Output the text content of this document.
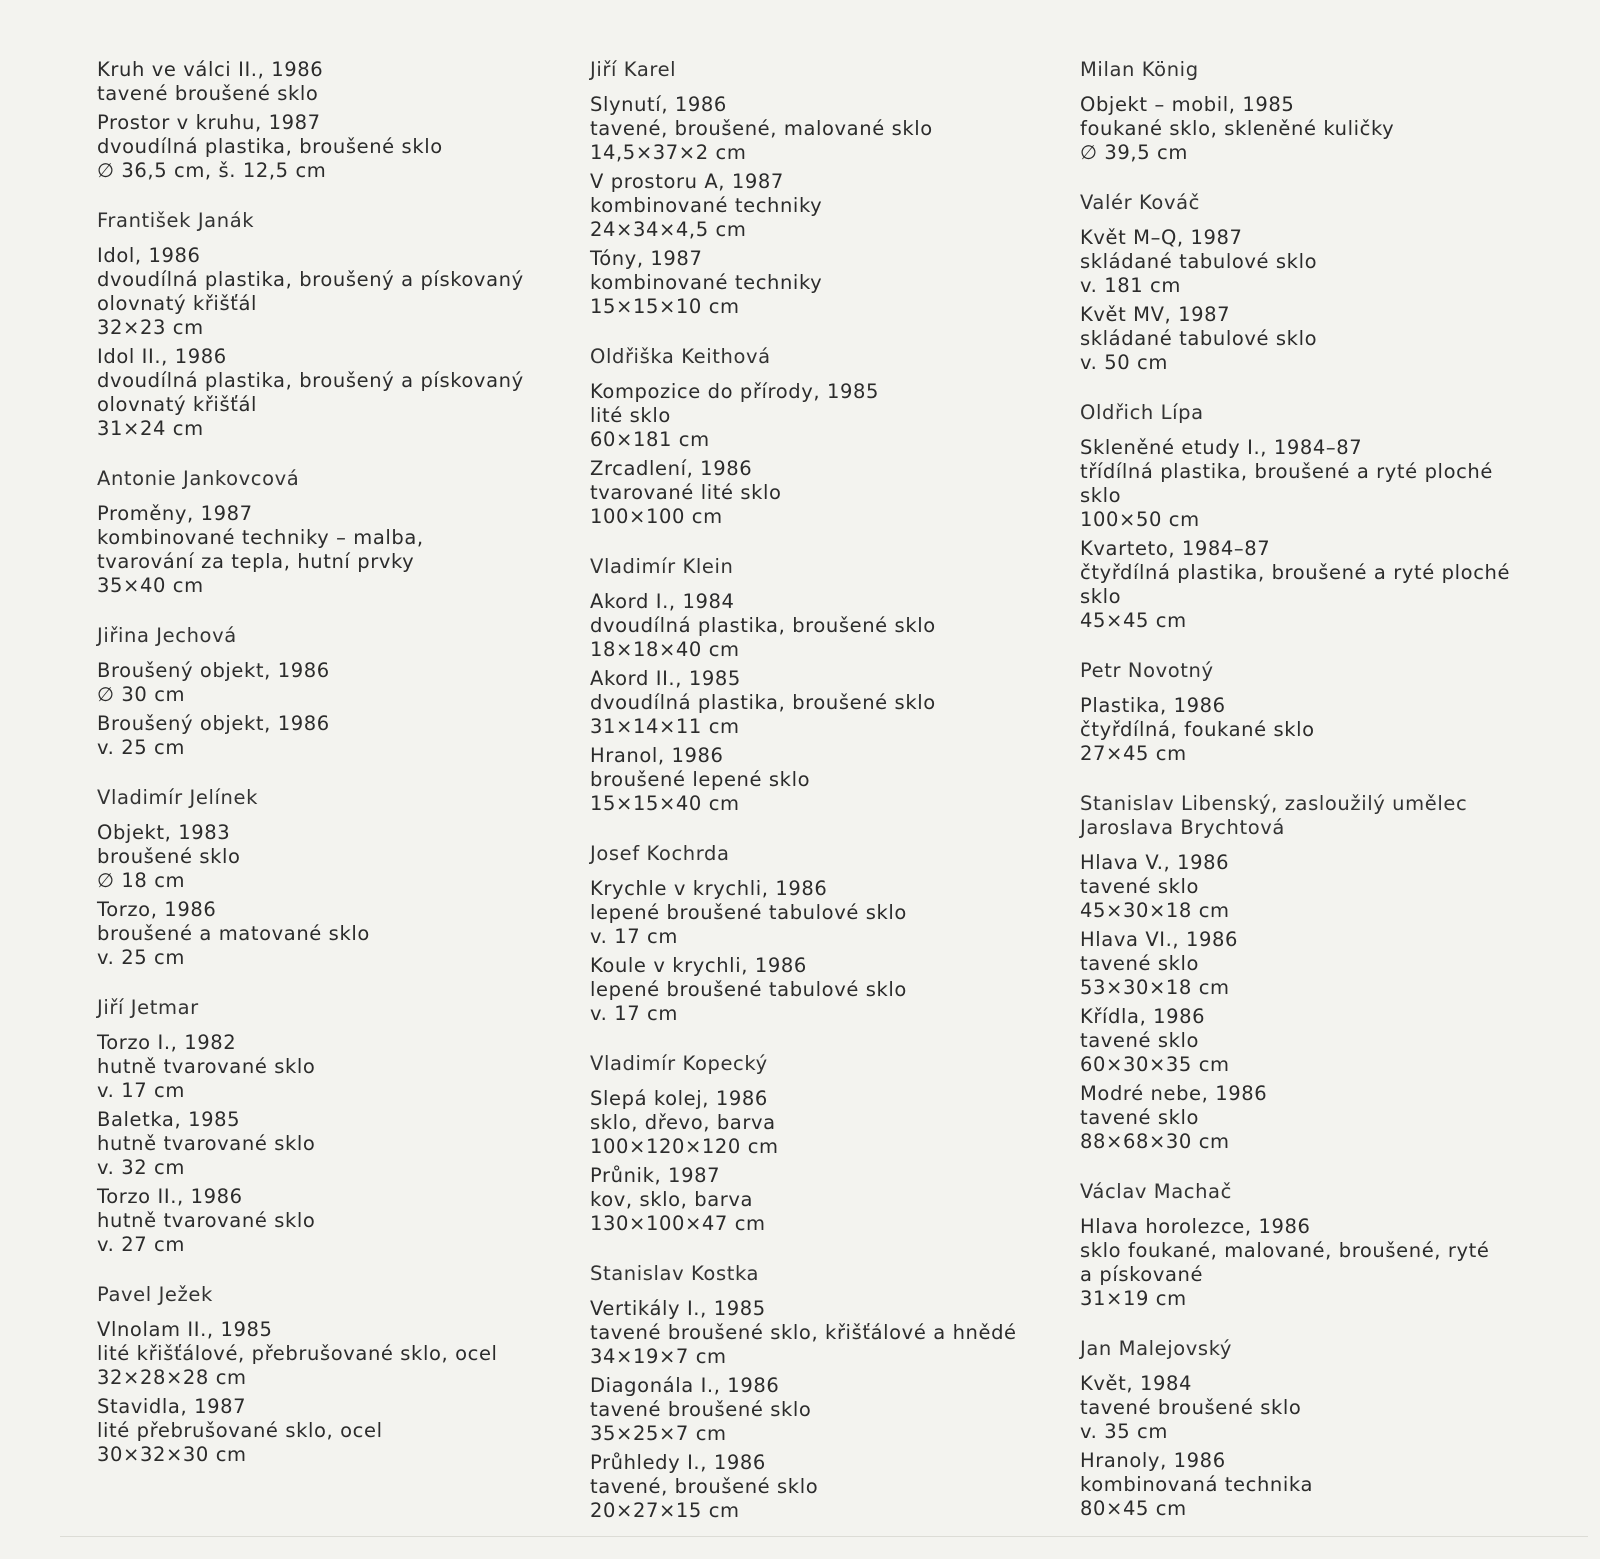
Kruh ve válci II., 1986
tavené broušené sklo
Prostor v kruhu, 1987
dvoudílná plastika, broušené sklo
∅ 36,5 cm, š. 12,5 cm
František Janák
Idol, 1986
dvoudílná plastika, broušený a pískovaný
olovnatý křišťál
32×23 cm
Idol II., 1986
dvoudílná plastika, broušený a pískovaný
olovnatý křišťál
31×24 cm
Antonie Jankovcová
Proměny, 1987
kombinované techniky – malba,
tvarování za tepla, hutní prvky
35×40 cm
Jiřina Jechová
Broušený objekt, 1986
∅ 30 cm
Broušený objekt, 1986
v. 25 cm
Vladimír Jelínek
Objekt, 1983
broušené sklo
∅ 18 cm
Torzo, 1986
broušené a matované sklo
v. 25 cm
Jiří Jetmar
Torzo I., 1982
hutně tvarované sklo
v. 17 cm
Baletka, 1985
hutně tvarované sklo
v. 32 cm
Torzo II., 1986
hutně tvarované sklo
v. 27 cm
Pavel Ježek
Vlnolam II., 1985
lité křišťálové, přebrušované sklo, ocel
32×28×28 cm
Stavidla, 1987
lité přebrušované sklo, ocel
30×32×30 cm
Jiří Karel
Slynutí, 1986
tavené, broušené, malované sklo
14,5×37×2 cm
V prostoru A, 1987
kombinované techniky
24×34×4,5 cm
Tóny, 1987
kombinované techniky
15×15×10 cm
Oldřiška Keithová
Kompozice do přírody, 1985
lité sklo
60×181 cm
Zrcadlení, 1986
tvarované lité sklo
100×100 cm
Vladimír Klein
Akord I., 1984
dvoudílná plastika, broušené sklo
18×18×40 cm
Akord II., 1985
dvoudílná plastika, broušené sklo
31×14×11 cm
Hranol, 1986
broušené lepené sklo
15×15×40 cm
Josef Kochrda
Krychle v krychli, 1986
lepené broušené tabulové sklo
v. 17 cm
Koule v krychli, 1986
lepené broušené tabulové sklo
v. 17 cm
Vladimír Kopecký
Slepá kolej, 1986
sklo, dřevo, barva
100×120×120 cm
Průnik, 1987
kov, sklo, barva
130×100×47 cm
Stanislav Kostka
Vertikály I., 1985
tavené broušené sklo, křišťálové a hnědé
34×19×7 cm
Diagonála I., 1986
tavené broušené sklo
35×25×7 cm
Průhledy I., 1986
tavené, broušené sklo
20×27×15 cm
Milan König
Objekt – mobil, 1985
foukané sklo, skleněné kuličky
∅ 39,5 cm
Valér Kováč
Květ M–Q, 1987
skládané tabulové sklo
v. 181 cm
Květ MV, 1987
skládané tabulové sklo
v. 50 cm
Oldřich Lípa
Skleněné etudy I., 1984–87
třídílná plastika, broušené a ryté ploché
sklo
100×50 cm
Kvarteto, 1984–87
čtyřdílná plastika, broušené a ryté ploché
sklo
45×45 cm
Petr Novotný
Plastika, 1986
čtyřdílná, foukané sklo
27×45 cm
Stanislav Libenský, zasloužilý umělec
Jaroslava Brychtová
Hlava V., 1986
tavené sklo
45×30×18 cm
Hlava VI., 1986
tavené sklo
53×30×18 cm
Křídla, 1986
tavené sklo
60×30×35 cm
Modré nebe, 1986
tavené sklo
88×68×30 cm
Václav Machač
Hlava horolezce, 1986
sklo foukané, malované, broušené, ryté
a pískované
31×19 cm
Jan Malejovský
Květ, 1984
tavené broušené sklo
v. 35 cm
Hranoly, 1986
kombinovaná technika
80×45 cm
